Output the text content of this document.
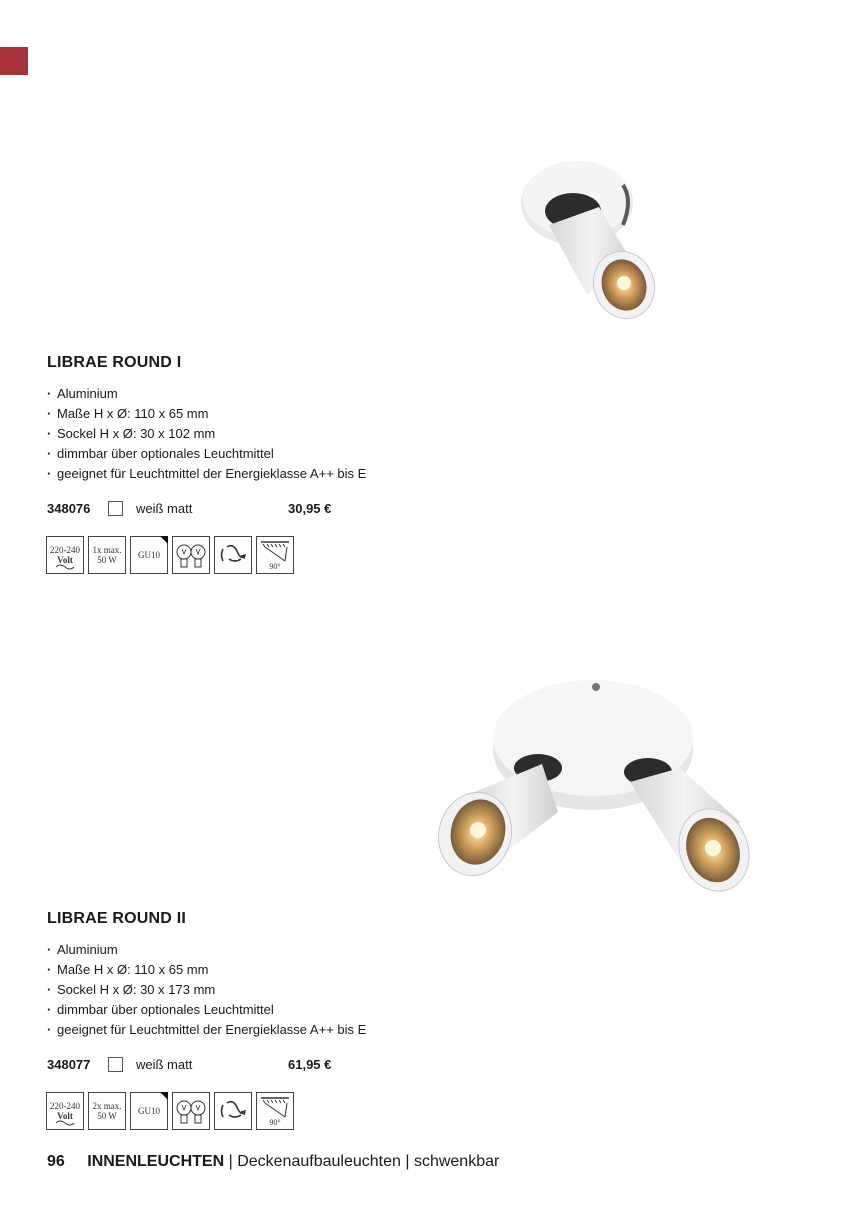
LIBRAE ROUND I
· Aluminium
· Maße H x Ø: 110 x 65 mm
· Sockel H x Ø: 30 x 102 mm
· dimmbar über optionales Leuchtmittel
· geeignet für Leuchtmittel der Energieklasse A++ bis E
348076	weiß matt	30,95 €
220-240
Volt
1x max.
50 W	GU10
90°
LIBRAE ROUND II
· Aluminium
· Maße H x Ø: 110 x 65 mm
· Sockel H x Ø: 30 x 173 mm
· dimmbar über optionales Leuchtmittel
· geeignet für Leuchtmittel der Energieklasse A++ bis E
348077	weiß matt	61,95 €
220-240
Volt
2x max.
50 W	GU10
90°
96 INNENLEUCHTEN | Deckenaufbauleuchten | schwenkbar
